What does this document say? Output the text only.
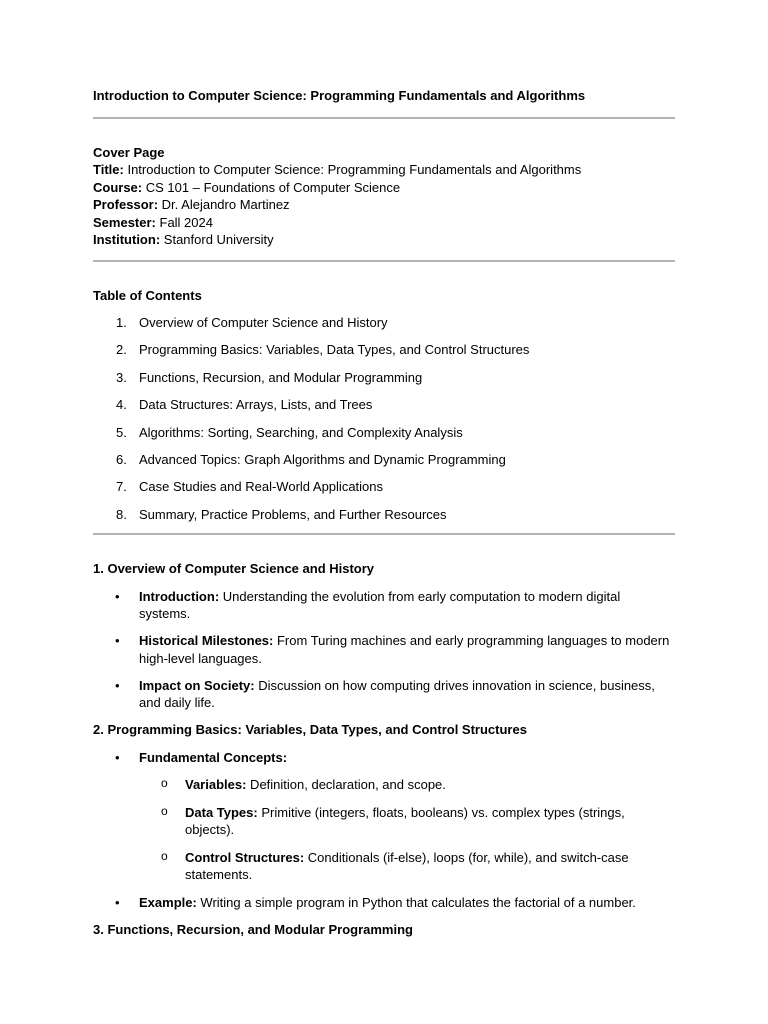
Introduction to Computer Science: Programming Fundamentals and Algorithms

Cover Page

Title: Introduction to Computer Science: Programming Fundamentals and Algorithms

Course: CS 101 – Foundations of Computer Science

Professor: Dr. Alejandro Martinez

Semester: Fall 2024

Institution: Stanford University

Table of Contents
1. Overview of Computer Science and History
2. Programming Basics: Variables, Data Types, and Control Structures
3. Functions, Recursion, and Modular Programming
4. Data Structures: Arrays, Lists, and Trees
5. Algorithms: Sorting, Searching, and Complexity Analysis
6. Advanced Topics: Graph Algorithms and Dynamic Programming
7. Case Studies and Real-World Applications
8. Summary, Practice Problems, and Further Resources
1. Overview of Computer Science and History
• Introduction: Understanding the evolution from early computation to modern digital systems.
• Historical Milestones: From Turing machines and early programming languages to modern high-level languages.
• Impact on Society: Discussion on how computing drives innovation in science, business, and daily life.
2. Programming Basics: Variables, Data Types, and Control Structures
• Fundamental Concepts:
o Variables: Definition, declaration, and scope.
o Data Types: Primitive (integers, floats, booleans) vs. complex types (strings, objects).
o Control Structures: Conditionals (if-else), loops (for, while), and switch-case statements.
• Example: Writing a simple program in Python that calculates the factorial of a number.
3. Functions, Recursion, and Modular Programming
